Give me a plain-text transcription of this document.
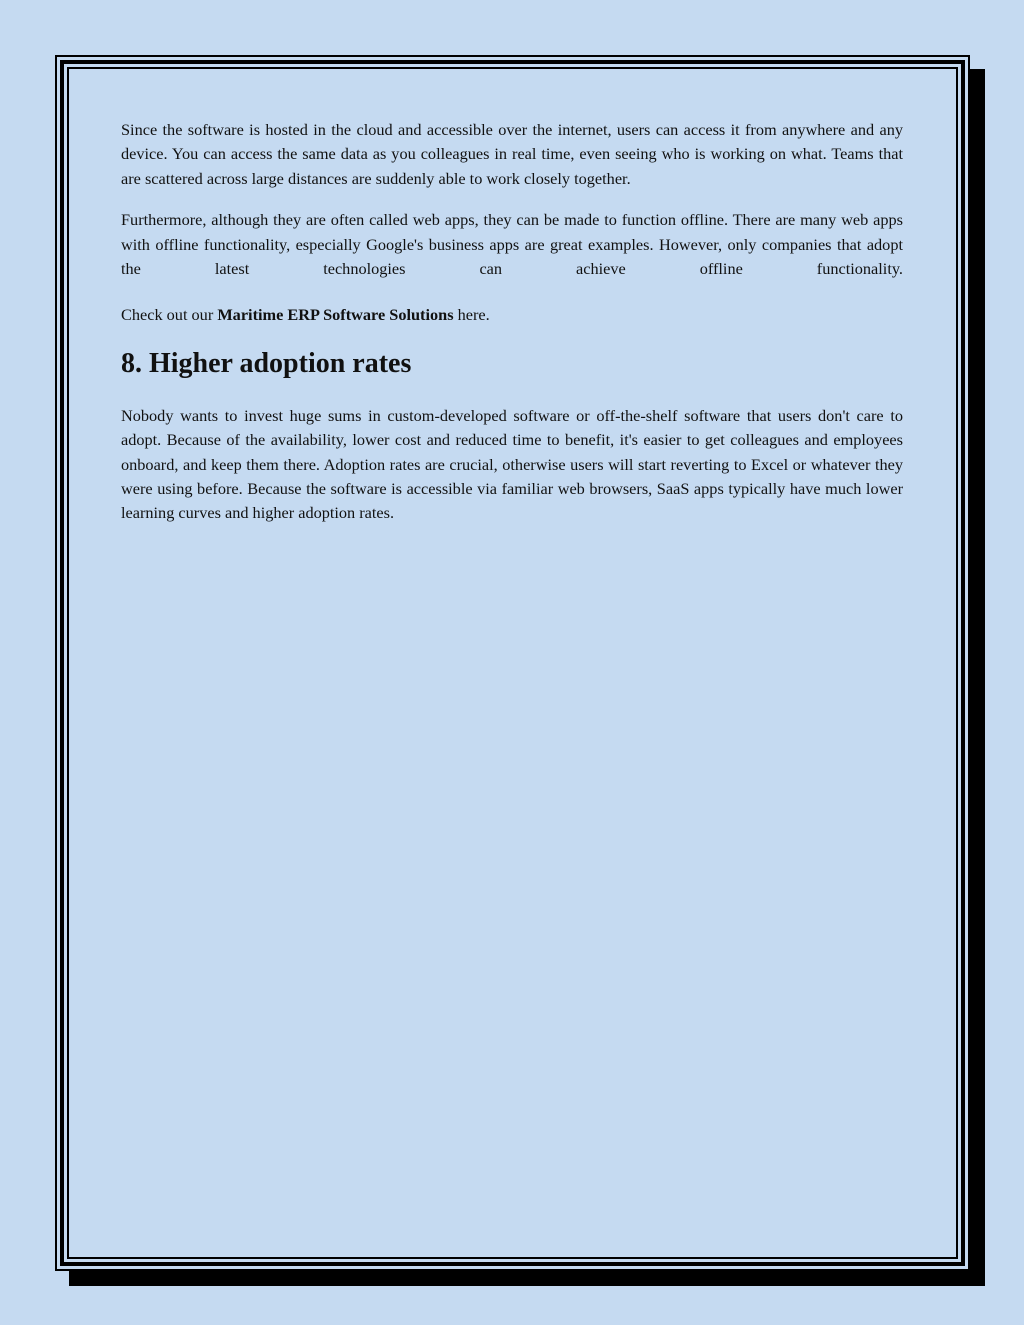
Since the software is hosted in the cloud and accessible over the internet, users can access it from anywhere and any device. You can access the same data as you colleagues in real time, even seeing who is working on what. Teams that are scattered across large distances are suddenly able to work closely together.

Furthermore, although they are often called web apps, they can be made to function offline. There are many web apps with offline functionality, especially Google's business apps are great examples. However, only companies that adopt the latest technologies can achieve offline functionality.

Check out our Maritime ERP Software Solutions here.

8. Higher adoption rates

Nobody wants to invest huge sums in custom-developed software or off-the-shelf software that users don't care to adopt. Because of the availability, lower cost and reduced time to benefit, it's easier to get colleagues and employees onboard, and keep them there. Adoption rates are crucial, otherwise users will start reverting to Excel or whatever they were using before. Because the software is accessible via familiar web browsers, SaaS apps typically have much lower learning curves and higher adoption rates.
